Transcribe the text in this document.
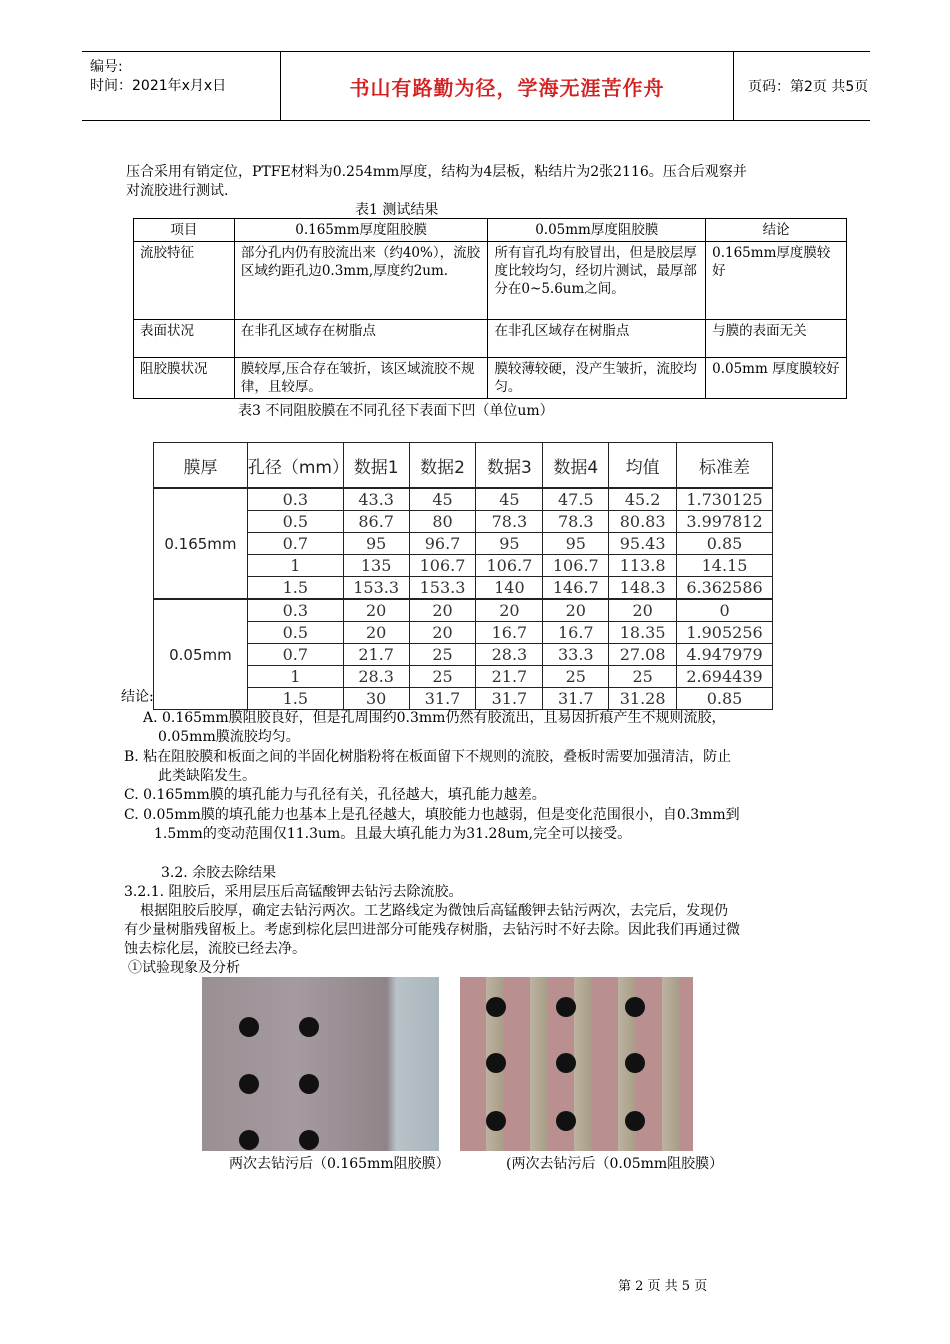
编号:
时间：2021年x月x日	书山有路勤为径，学海无涯苦作舟	页码：第2页 共5页
压合采用有销定位，PTFE材料为0.254mm厚度，结构为4层板，粘结片为2张2116。压合后观察并
对流胶进行测试.
表1 测试结果
项目	0.165mm厚度阻胶膜	0.05mm厚度阻胶膜	结论
流胶特征	部分孔内仍有胶流出来（约40%），流胶区域约距孔边0.3mm,厚度约2um.	所有盲孔均有胶冒出，但是胶层厚度比较均匀，经切片测试，最厚部分在0~5.6um之间。	0.165mm厚度膜较好
表面状况	在非孔区域存在树脂点	在非孔区域存在树脂点	与膜的表面无关
阻胶膜状况	膜较厚,压合存在皱折，该区域流胶不规律，且较厚。	膜较薄较硬，没产生皱折，流胶均匀。	0.05mm 厚度膜较好
表3 不同阻胶膜在不同孔径下表面下凹（单位um）
膜厚	孔径（mm）	数据1	数据2	数据3	数据4	均值	标准差
0.165mm	0.3	43.3	45	45	47.5	45.2	1.730125
	0.5	86.7	80	78.3	78.3	80.83	3.997812
	0.7	95	96.7	95	95	95.43	0.85
	1	135	106.7	106.7	106.7	113.8	14.15
	1.5	153.3	153.3	140	146.7	148.3	6.362586
0.05mm	0.3	20	20	20	20	20	0
	0.5	20	20	16.7	16.7	18.35	1.905256
	0.7	21.7	25	28.3	33.3	27.08	4.947979
	1	28.3	25	21.7	25	25	2.694439
	1.5	30	31.7	31.7	31.7	31.28	0.85
结论:
A. 0.165mm膜阻胶良好，但是孔周围约0.3mm仍然有胶流出，且易因折痕产生不规则流胶，
0.05mm膜流胶均匀。
B. 粘在阻胶膜和板面之间的半固化树脂粉将在板面留下不规则的流胶，叠板时需要加强清洁，防止
此类缺陷发生。
C. 0.165mm膜的填孔能力与孔径有关，孔径越大，填孔能力越差。
C. 0.05mm膜的填孔能力也基本上是孔径越大，填胶能力也越弱，但是变化范围很小，自0.3mm到
1.5mm的变动范围仅11.3um。且最大填孔能力为31.28um,完全可以接受。
3.2. 余胶去除结果
3.2.1. 阻胶后，采用层压后高锰酸钾去钻污去除流胶。
根据阻胶后胶厚，确定去钻污两次。工艺路线定为微蚀后高锰酸钾去钻污两次，去完后，发现仍
有少量树脂残留板上。考虑到棕化层凹进部分可能残存树脂，去钻污时不好去除。因此我们再通过微
蚀去棕化层，流胶已经去净。
①试验现象及分析
两次去钻污后（0.165mm阻胶膜）	(两次去钻污后（0.05mm阻胶膜）
第 2 页 共 5 页
